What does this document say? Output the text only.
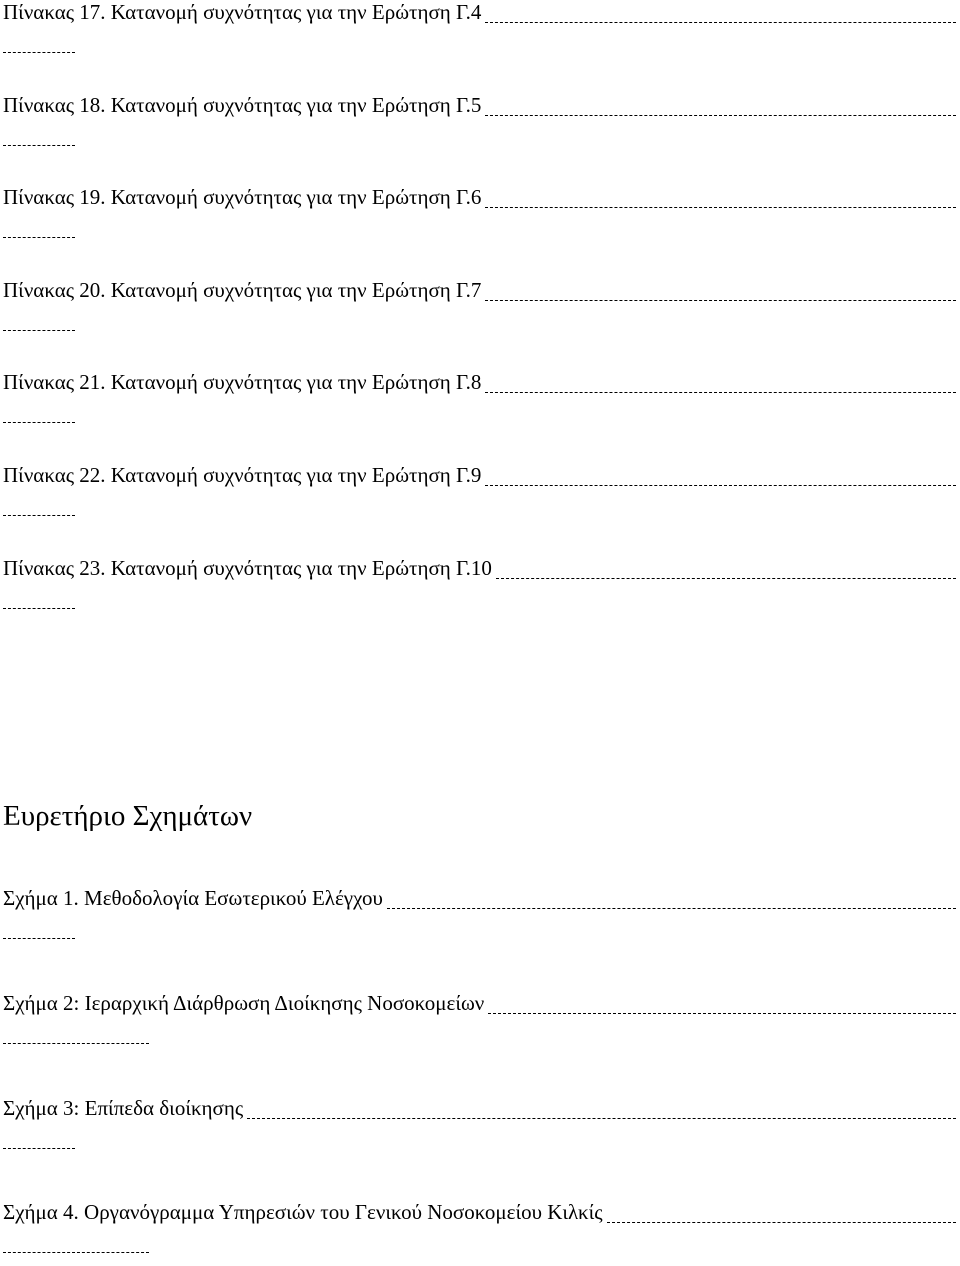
Πίνακας 17. Κατανομή συχνότητας για την Ερώτηση Γ.4
Πίνακας 18. Κατανομή συχνότητας για την Ερώτηση Γ.5
Πίνακας 19. Κατανομή συχνότητας για την Ερώτηση Γ.6
Πίνακας 20. Κατανομή συχνότητας για την Ερώτηση Γ.7
Πίνακας 21. Κατανομή συχνότητας για την Ερώτηση Γ.8
Πίνακας 22. Κατανομή συχνότητας για την Ερώτηση Γ.9
Πίνακας 23. Κατανομή συχνότητας για την Ερώτηση Γ.10
Ευρετήριο Σχημάτων
Σχήμα 1. Μεθοδολογία Εσωτερικού Ελέγχου
Σχήμα 2: Ιεραρχική Διάρθρωση Διοίκησης Νοσοκομείων
Σχήμα 3: Επίπεδα διοίκησης
Σχήμα 4. Οργανόγραμμα Υπηρεσιών του Γενικού Νοσοκομείου Κιλκίς
